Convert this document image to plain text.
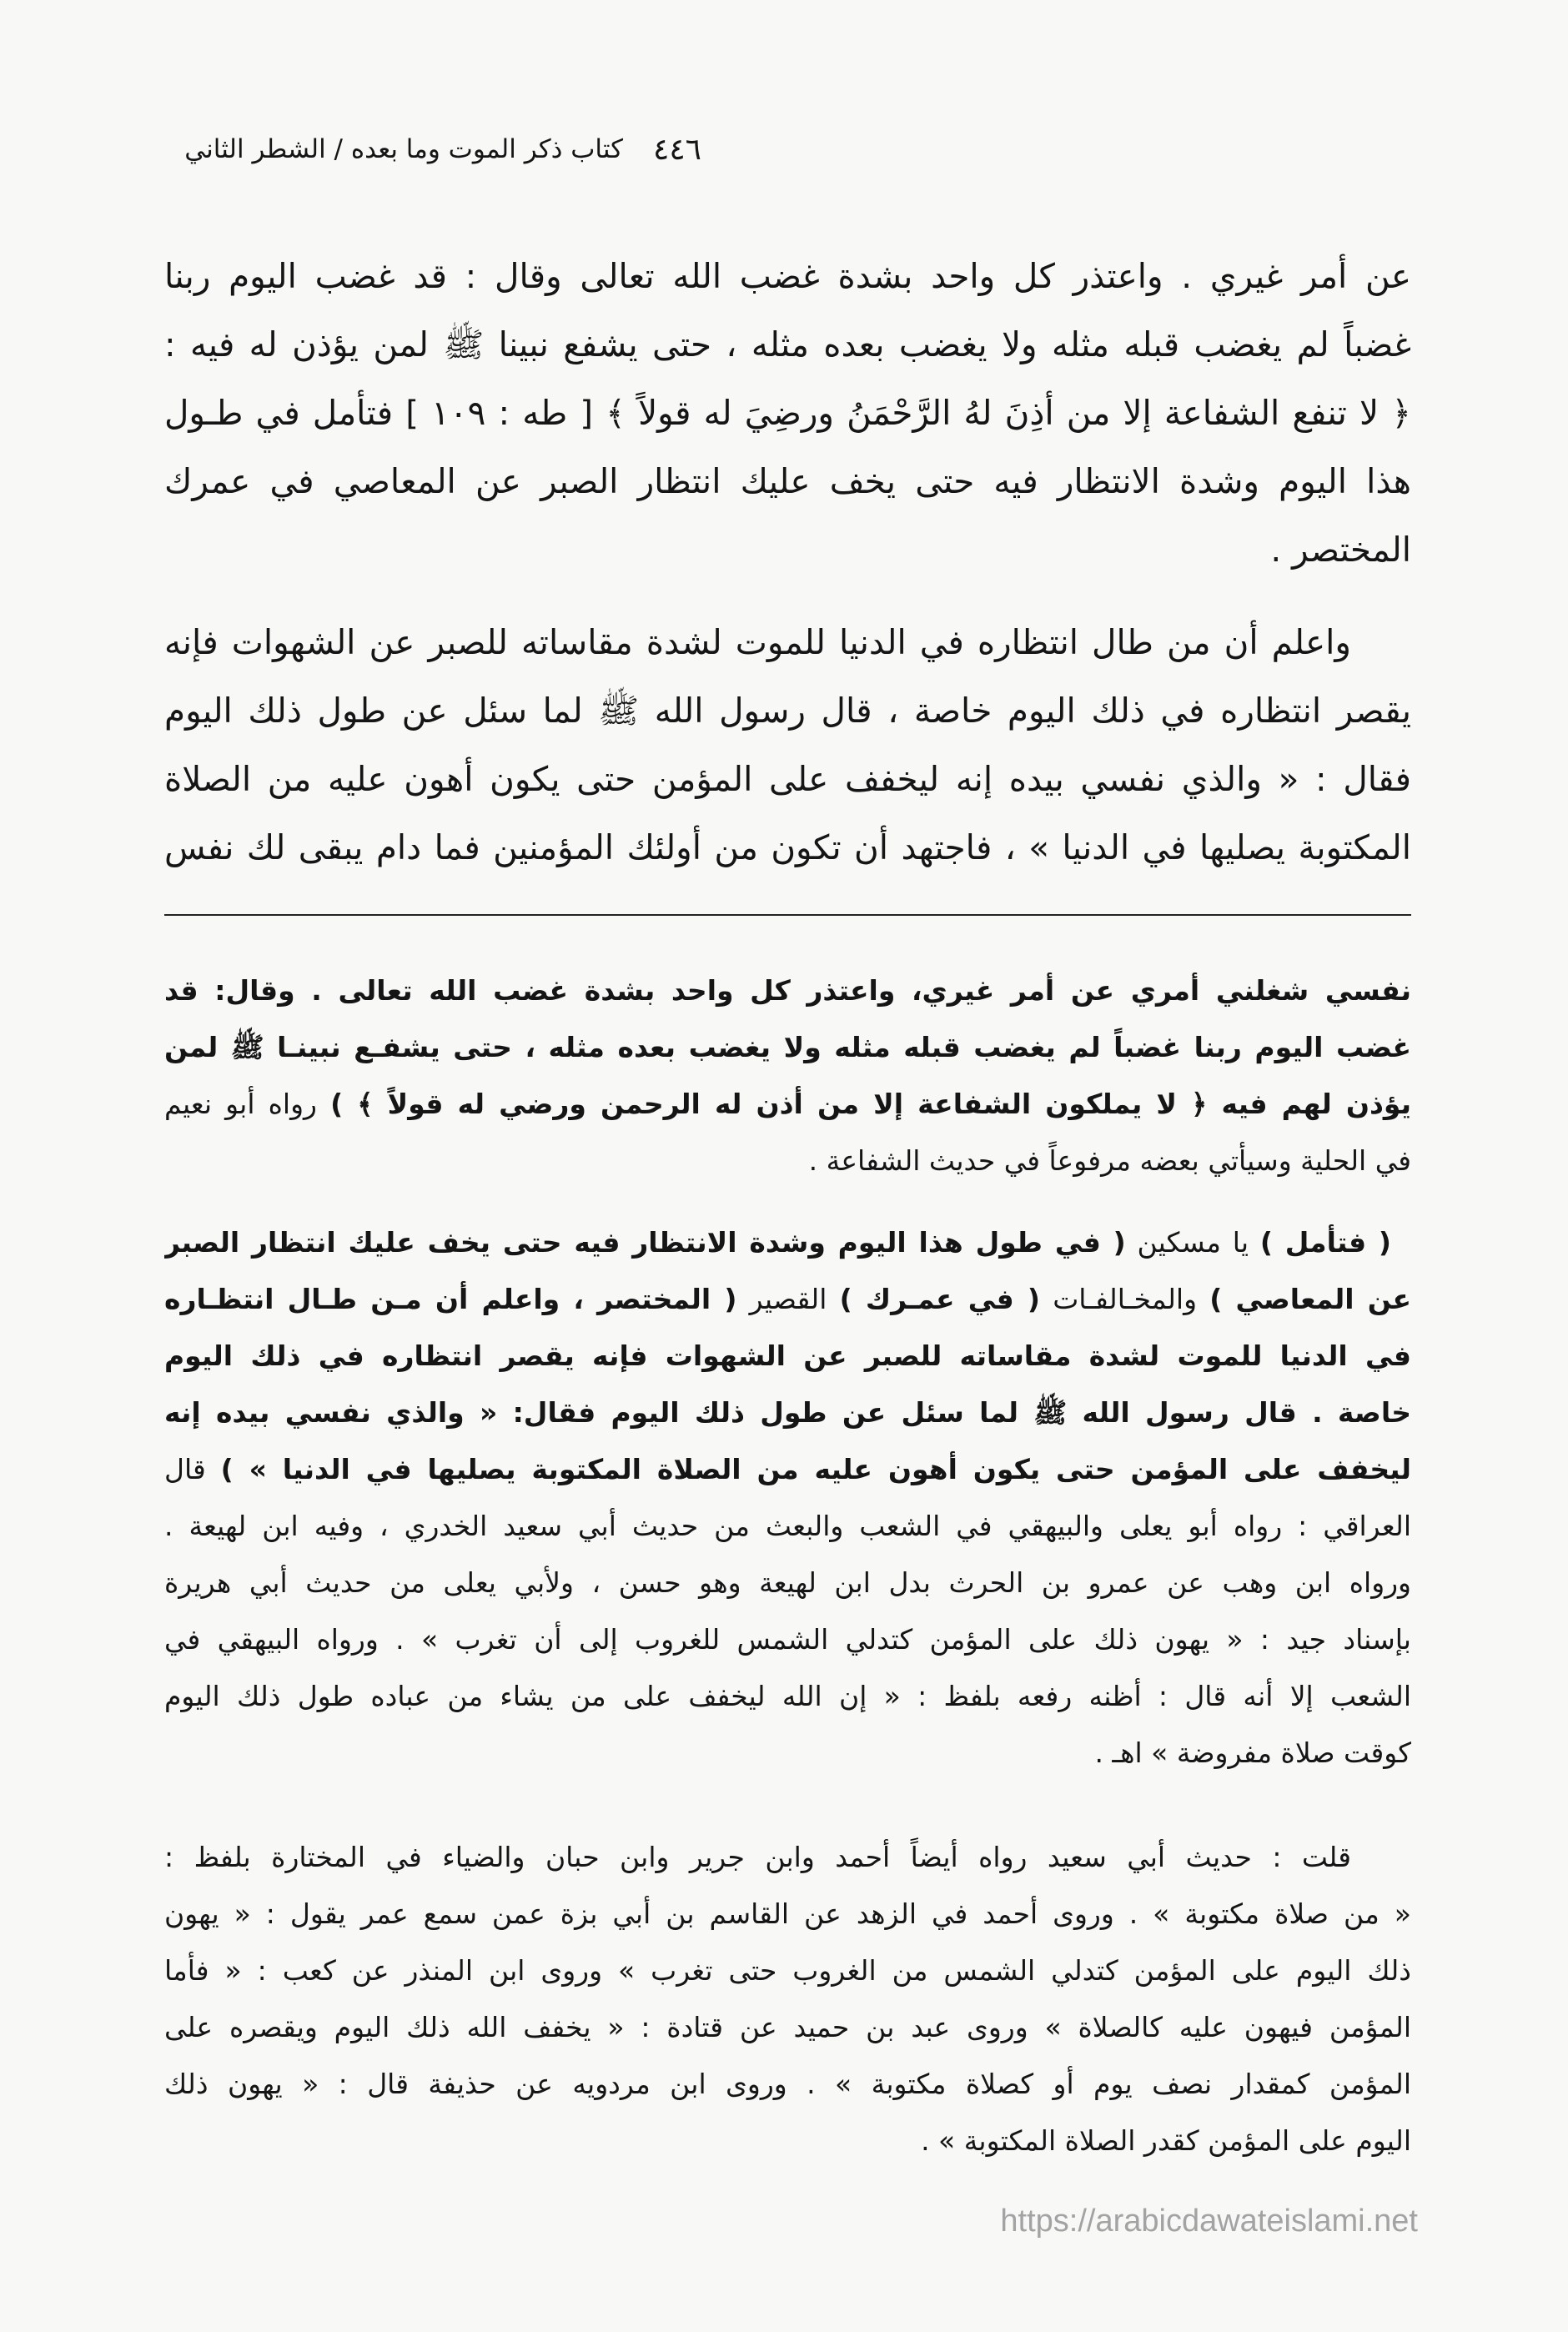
٤٤٦
كتاب ذكر الموت وما بعده / الشطر الثاني
عن أمر غيري . واعتذر كل واحد بشدة غضب الله تعالى وقال : قد غضب اليوم ربنا
غضباً لم يغضب قبله مثله ولا يغضب بعده مثله ، حتى يشفع نبينا ﷺ لمن يؤذن له فيه :
﴿ لا تنفع الشفاعة إلا من أذِنَ لهُ الرَّحْمَنُ ورضِيَ له قولاً ﴾ [ طه : ١٠٩ ] فتأمل في طـول
هذا اليوم وشدة الانتظار فيه حتى يخف عليك انتظار الصبر عن المعاصي في عمرك
المختصر .
واعلم أن من طال انتظاره في الدنيا للموت لشدة مقاساته للصبر عن الشهوات فإنه
يقصر انتظاره في ذلك اليوم خاصة ، قال رسول الله ﷺ لما سئل عن طول ذلك اليوم
فقال : « والذي نفسي بيده إنه ليخفف على المؤمن حتى يكون أهون عليه من الصلاة
المكتوبة يصليها في الدنيا » ، فاجتهد أن تكون من أولئك المؤمنين فما دام يبقى لك نفس
نفسي شغلني أمري عن أمر غيري، واعتذر كل واحد بشدة غضب الله تعالى . وقال: قد
غضب اليوم ربنا غضباً لم يغضب قبله مثله ولا يغضب بعده مثله ، حتى يشفـع نبينـا ﷺ لمن
يؤذن لهم فيه ﴿ لا يملكون الشفاعة إلا من أذن له الرحمن ورضي له قولاً ﴾ ) رواه أبو نعيم
في الحلية وسيأتي بعضه مرفوعاً في حديث الشفاعة .
( فتأمل ) يا مسكين ( في طول هذا اليوم وشدة الانتظار فيه حتى يخف عليك انتظار الصبر
عن المعاصي ) والمخـالفـات ( في عمـرك ) القصير ( المختصر ، واعلم أن مـن طـال انتظـاره
في الدنيا للموت لشدة مقاساته للصبر عن الشهوات فإنه يقصر انتظاره في ذلك اليوم
خاصة . قال رسول الله ﷺ لما سئل عن طول ذلك اليوم فقال: « والذي نفسي بيده إنه
ليخفف على المؤمن حتى يكون أهون عليه من الصلاة المكتوبة يصليها في الدنيا » ) قال
العراقي : رواه أبو يعلى والبيهقي في الشعب والبعث من حديث أبي سعيد الخدري ، وفيه ابن لهيعة .
ورواه ابن وهب عن عمرو بن الحرث بدل ابن لهيعة وهو حسن ، ولأبي يعلى من حديث أبي هريرة
بإسناد جيد : « يهون ذلك على المؤمن كتدلي الشمس للغروب إلى أن تغرب » . ورواه البيهقي في
الشعب إلا أنه قال : أظنه رفعه بلفظ : « إن الله ليخفف على من يشاء من عباده طول ذلك اليوم
كوقت صلاة مفروضة » اهـ .
قلت : حديث أبي سعيد رواه أيضاً أحمد وابن جرير وابن حبان والضياء في المختارة بلفظ :
« من صلاة مكتوبة » . وروى أحمد في الزهد عن القاسم بن أبي بزة عمن سمع عمر يقول : « يهون
ذلك اليوم على المؤمن كتدلي الشمس من الغروب حتى تغرب » وروى ابن المنذر عن كعب : « فأما
المؤمن فيهون عليه كالصلاة » وروى عبد بن حميد عن قتادة : « يخفف الله ذلك اليوم ويقصره على
المؤمن كمقدار نصف يوم أو كصلاة مكتوبة » . وروى ابن مردويه عن حذيفة قال : « يهون ذلك
اليوم على المؤمن كقدر الصلاة المكتوبة » .
https://arabicdawateislami.net
